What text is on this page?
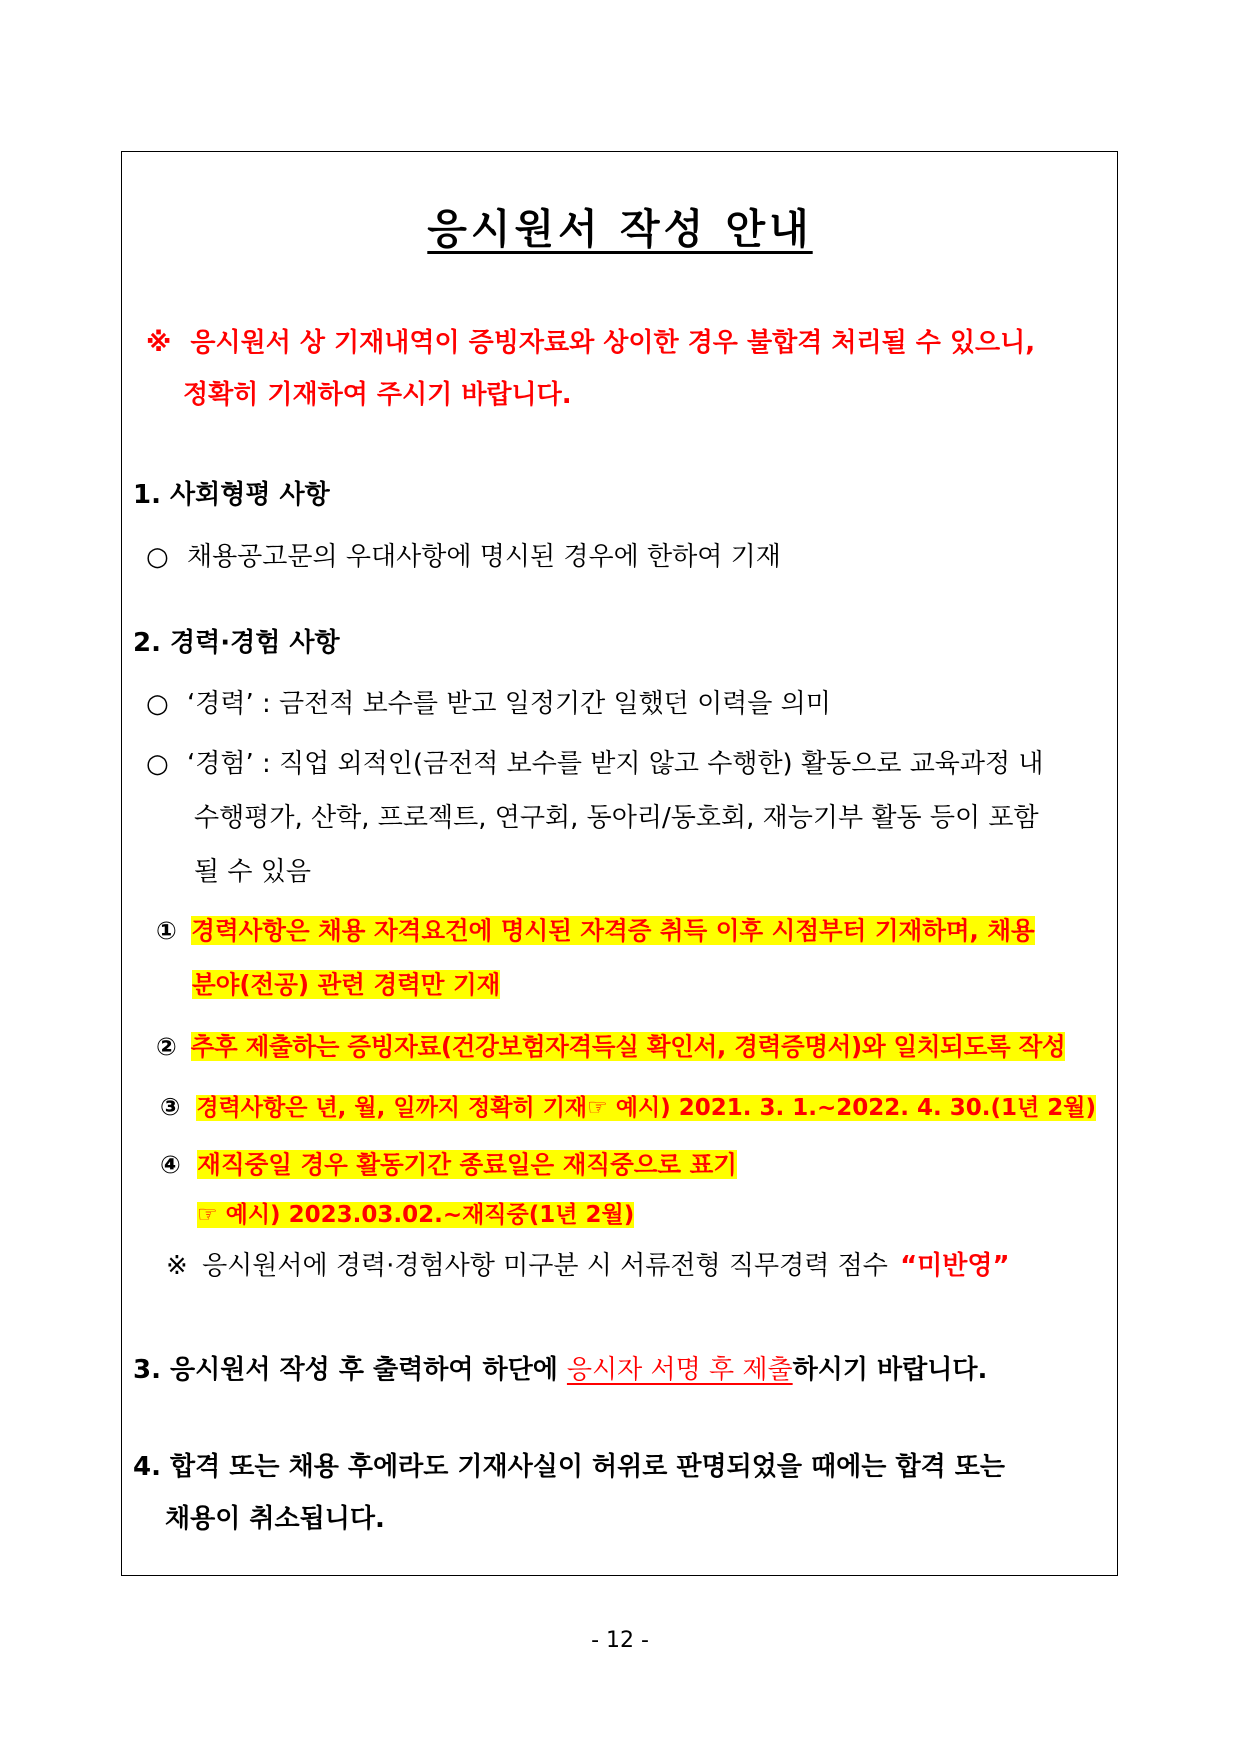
응시원서 작성 안내
※ 응시원서 상 기재내역이 증빙자료와 상이한 경우 불합격 처리될 수 있으니,
정확히 기재하여 주시기 바랍니다.
1. 사회형평 사항
○ 채용공고문의 우대사항에 명시된 경우에 한하여 기재
2. 경력·경험 사항
○ ‘경력’ : 금전적 보수를 받고 일정기간 일했던 이력을 의미
○ ‘경험’ : 직업 외적인(금전적 보수를 받지 않고 수행한) 활동으로 교육과정 내
수행평가, 산학, 프로젝트, 연구회, 동아리/동호회, 재능기부 활동 등이 포함
될 수 있음
① 경력사항은 채용 자격요건에 명시된 자격증 취득 이후 시점부터 기재하며, 채용
분야(전공) 관련 경력만 기재
② 추후 제출하는 증빙자료(건강보험자격득실 확인서, 경력증명서)와 일치되도록 작성
③ 경력사항은 년, 월, 일까지 정확히 기재☞ 예시) 2021. 3. 1.~2022. 4. 30.(1년 2월)
④ 재직중일 경우 활동기간 종료일은 재직중으로 표기
☞ 예시) 2023.03.02.~재직중(1년 2월)
※ 응시원서에 경력·경험사항 미구분 시 서류전형 직무경력 점수 “미반영”
3. 응시원서 작성 후 출력하여 하단에 응시자 서명 후 제출하시기 바랍니다.
4. 합격 또는 채용 후에라도 기재사실이 허위로 판명되었을 때에는 합격 또는
채용이 취소됩니다.
- 12 -
